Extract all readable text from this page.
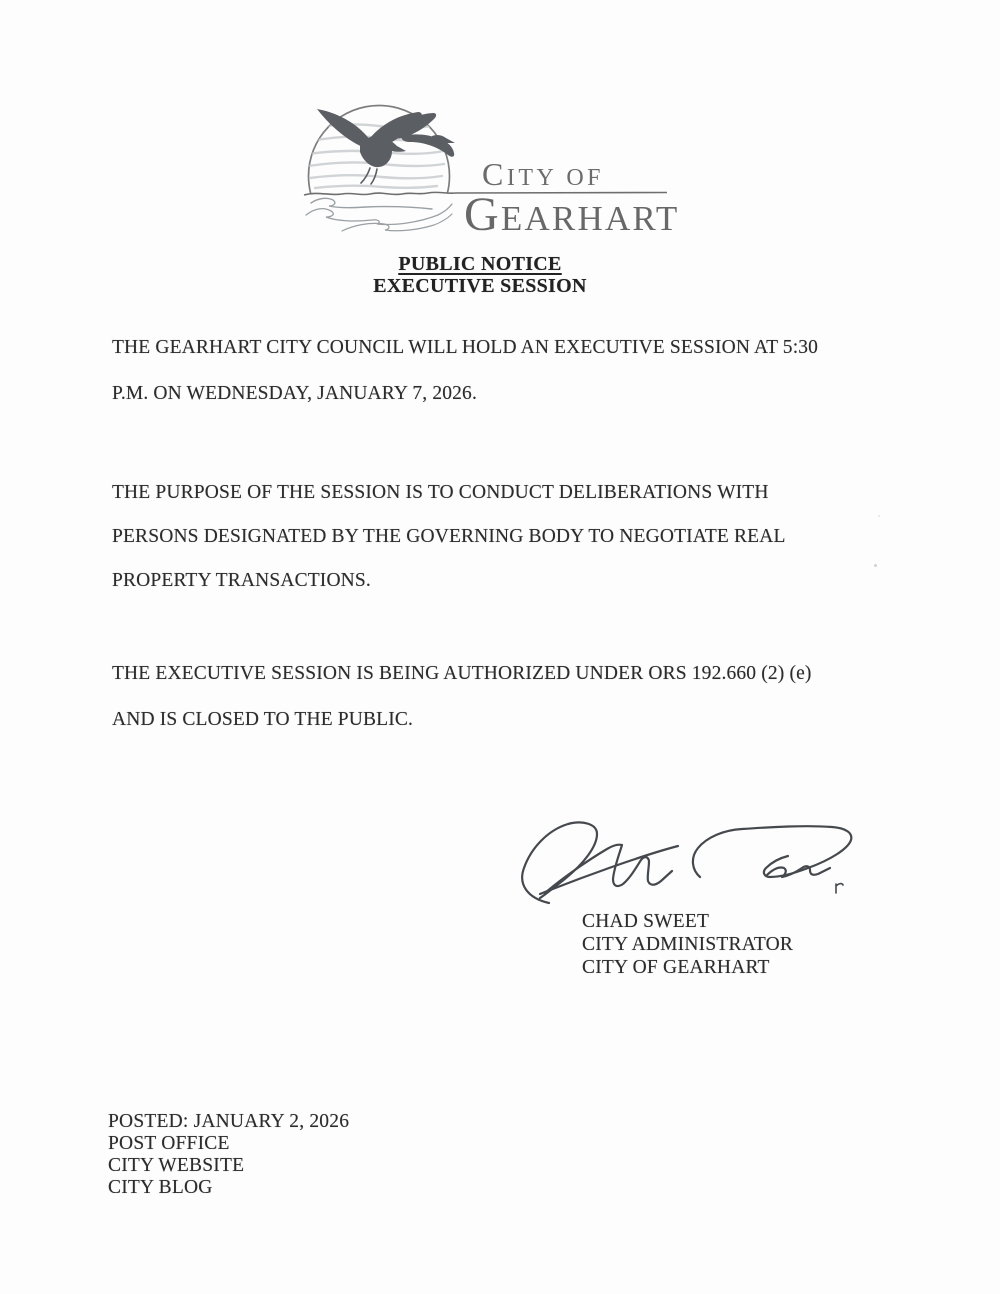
CITY OF
GEARHART
PUBLIC NOTICE
EXECUTIVE SESSION
THE GEARHART CITY COUNCIL WILL HOLD AN EXECUTIVE SESSION AT 5:30
P.M. ON WEDNESDAY, JANUARY 7, 2026.
THE PURPOSE OF THE SESSION IS TO CONDUCT DELIBERATIONS WITH
PERSONS DESIGNATED BY THE GOVERNING BODY TO NEGOTIATE REAL
PROPERTY TRANSACTIONS.
THE EXECUTIVE SESSION IS BEING AUTHORIZED UNDER ORS 192.660 (2) (e)
AND IS CLOSED TO THE PUBLIC.
CHAD SWEET
CITY ADMINISTRATOR
CITY OF GEARHART
POSTED: JANUARY 2, 2026
POST OFFICE
CITY WEBSITE
CITY BLOG
